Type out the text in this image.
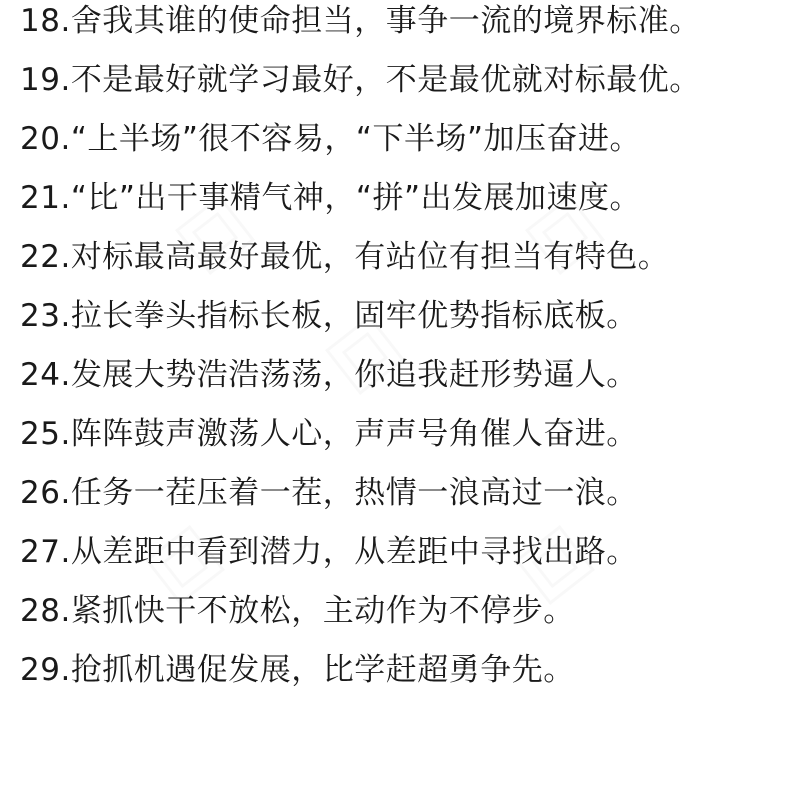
18.舍我其谁的使命担当，事争一流的境界标准。
19.不是最好就学习最好，不是最优就对标最优。
20.“上半场”很不容易，“下半场”加压奋进。
21.“比”出干事精气神，“拼”出发展加速度。
22.对标最高最好最优，有站位有担当有特色。
23.拉长拳头指标长板，固牢优势指标底板。
24.发展大势浩浩荡荡，你追我赶形势逼人。
25.阵阵鼓声激荡人心，声声号角催人奋进。
26.任务一茬压着一茬，热情一浪高过一浪。
27.从差距中看到潜力，从差距中寻找出路。
28.紧抓快干不放松，主动作为不停步。
29.抢抓机遇促发展，比学赶超勇争先。
